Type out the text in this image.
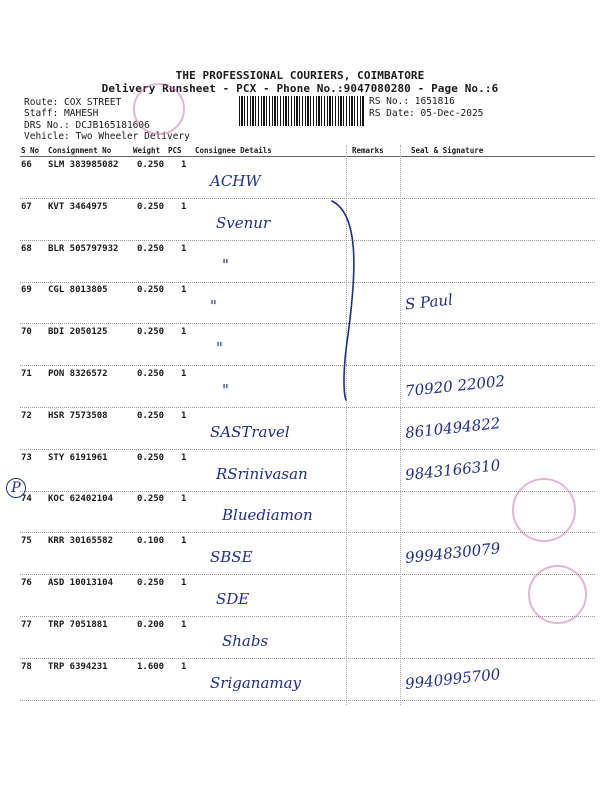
THE PROFESSIONAL COURIERS, COIMBATORE
Delivery Runsheet - PCX - Phone No.:9047080280 - Page No.:6
Route: COX STREET
Staff: MAHESH
DRS No.: DCJB165181606
Vehicle: Two Wheeler Delivery
RS No.: 1651816
RS Date: 05-Dec-2025
S No Consignment No	Weight PCS Consignee Details	Remarks	Seal & Signature
66 SLM 383985082 0.250 1
ACHW
67 KVT 3464975	0.250 1
Svenur
68 BLR 505797932 0.250 1
"
69 CGL 8013805	0.250 1
"	S Paul
70 BDI 2050125	0.250 1
"
71 PON 8326572	0.250 1
"	70920 22002
72 HSR 7573508	0.250 1
SASTravel	8610494822
73 STY 6191961	0.250 1
RSrinivasan	9843166310
74 KOC 62402104	0.250 1
Bluediamon
75 KRR 30165582	0.100 1
SBSE	9994830079
76 ASD 10013104	0.250 1
SDE
77 TRP 7051881	0.200 1
Shabs
78 TRP 6394231	1.600 1
Sriganamay	9940995700
P
